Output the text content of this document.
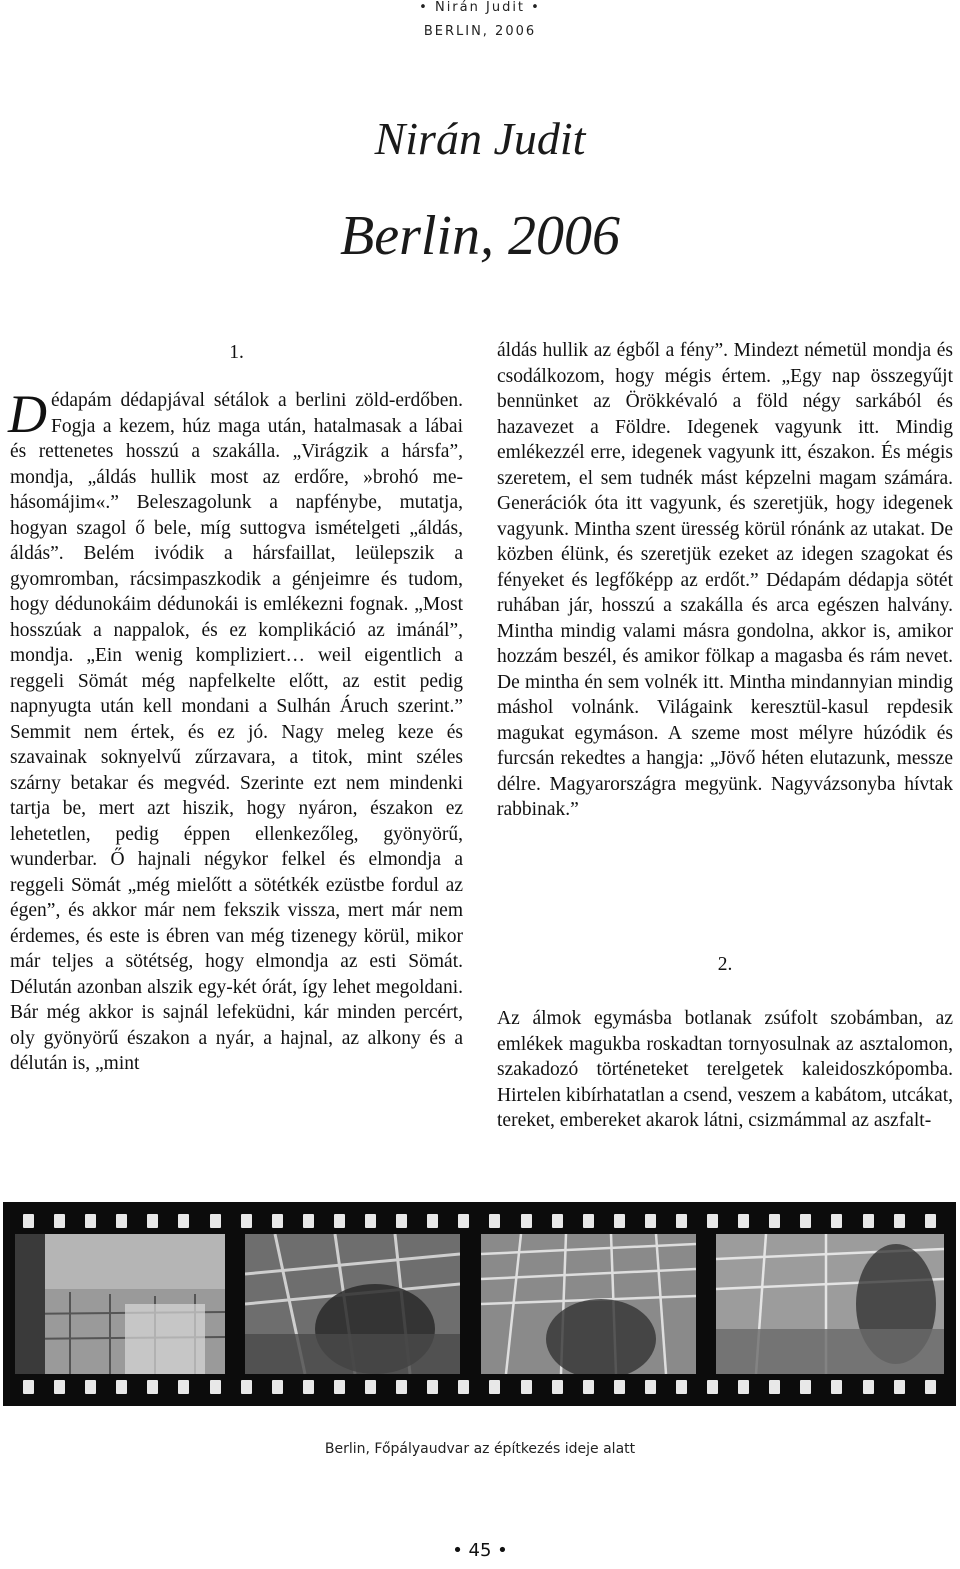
• Nirán Judit •
BERLIN, 2006
Nirán Judit
Berlin, 2006
1.
Dédapám dédapjával sétálok a berlini zöld-erdőben. Fogja a kezem, húz maga után, hatalmasak a lábai és rettenetes hosszú a szakálla. „Virágzik a hársfa”, mondja, „áldás hullik most az erdőre, »brohó me-hásomájim«.” Beleszagolunk a napfénybe, mutatja, hogyan szagol ő bele, míg suttogva ismételgeti „áldás, áldás”. Belém ivódik a hársfaillat, leülepszik a gyomromban, rácsimpaszkodik a génjeimre és tudom, hogy dédunokáim dédunokái is emlékezni fognak. „Most hosszúak a nappalok, és ez komplikáció az imánál”, mondja. „Ein wenig kompliziert… weil eigentlich a reggeli Sömát még napfelkelte előtt, az estit pedig napnyugta után kell mondani a Sulhán Áruch szerint.” Semmit nem értek, és ez jó. Nagy meleg keze és szavainak soknyelvű zűrzavara, a titok, mint széles szárny betakar és megvéd. Szerinte ezt nem mindenki tartja be, mert azt hiszik, hogy nyáron, északon ez lehetetlen, pedig éppen ellenkezőleg, gyönyörű, wunderbar. Ő hajnali négykor felkel és elmondja a reggeli Sömát „még mielőtt a sötétkék ezüstbe fordul az égen”, és akkor már nem fekszik vissza, mert már nem érdemes, és este is ébren van még tizenegy körül, mikor már teljes a sötétség, hogy elmondja az esti Sömát. Délután azonban alszik egy-két órát, így lehet megoldani. Bár még akkor is sajnál lefeküdni, kár minden percért, oly gyönyörű északon a nyár, a hajnal, az alkony és a délután is, „mint
áldás hullik az égből a fény”. Mindezt németül mondja és csodálkozom, hogy mégis értem. „Egy nap összegyűjt bennünket az Örökkévaló a föld négy sarkából és hazavezet a Földre. Idegenek vagyunk itt. Mindig emlékezzél erre, idegenek vagyunk itt, északon. És mégis szeretem, el sem tudnék mást képzelni magam számára. Generációk óta itt vagyunk, és szeretjük, hogy idegenek vagyunk. Mintha szent üresség körül rónánk az utakat. De közben élünk, és szeretjük ezeket az idegen szagokat és fényeket és legfőképp az erdőt.” Dédapám dédapja sötét ruhában jár, hosszú a szakálla és arca egészen halvány. Mintha mindig valami másra gondolna, akkor is, amikor hozzám beszél, és amikor fölkap a magasba és rám nevet. De mintha én sem volnék itt. Mintha mindannyian mindig máshol volnánk. Világaink keresztül-kasul repdesik magukat egymáson. A szeme most mélyre húzódik és furcsán rekedtes a hangja: „Jövő héten elutazunk, messze délre. Magyarországra megyünk. Nagyvázsonyba hívtak rabbinak.”
2.
Az álmok egymásba botlanak zsúfolt szobámban, az emlékek magukba roskadtan tornyosulnak az asztalomon, szakadozó történeteket terelgetek kaleidoszkópomba. Hirtelen kibírhatatlan a csend, veszem a kabátom, utcákat, tereket, embereket akarok látni, csizmámmal az aszfalt-
Berlin, Főpályaudvar az építkezés ideje alatt
• 45 •
